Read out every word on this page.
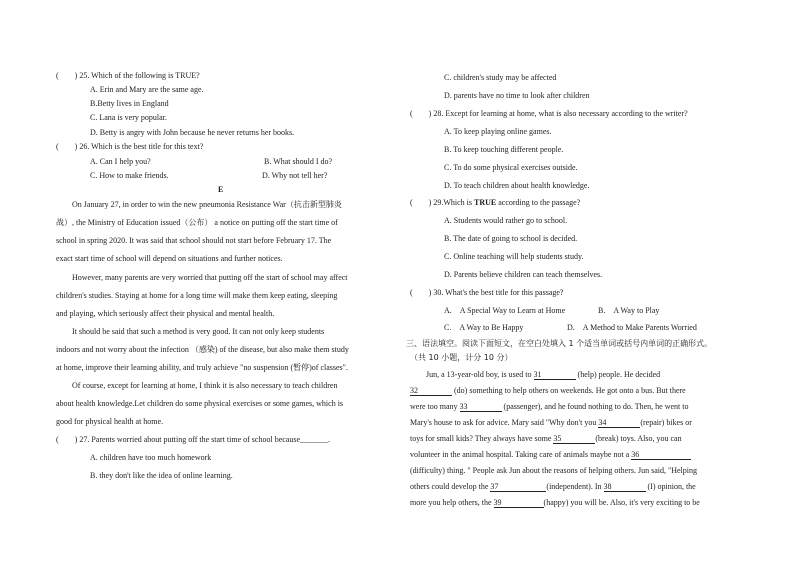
(　　) 25. Which of the following is TRUE?
A. Erin and Mary are the same age.
B.Betty lives in England
C. Lana is very popular.
D. Betty is angry with John because he never returns her books.
(　　) 26. Which is the best title for this text?
A. Can I help you?	B. What should I do?
C. How to make friends.	D. Why not tell her?
E
On January 27, in order to win the new pneumonia Resistance War（抗击新型肺炎
战）, the Ministry of Education issued（公布） a notice on putting off the start time of
school in spring 2020. It was said that school should not start before February 17. The
exact start time of school will depend on situations and further notices.
However, many parents are very worried that putting off the start of school may affect
children's studies. Staying at home for a long time will make them keep eating, sleeping
and playing, which seriously affect their physical and mental health.
It should be said that such a method is very good. It can not only keep students
indoors and not worry about the infection （感染) of the disease, but also make them study
at home, improve their learning ability, and truly achieve "no suspension (暂停)of classes".
Of course, except for learning at home, I think it is also necessary to teach children
about health knowledge.Let children do some physical exercises or some games, which is
good for physical health at home.
(　　) 27. Parents worried about putting off the start time of school because_______.
A. children have too much homework
B. they don't like the idea of online learning.
C. children's study may be affected
D. parents have no time to look after children
(　　) 28. Except for learning at home, what is also necessary according to the writer?
A. To keep playing online games.
B. To keep touching different people.
C. To do some physical exercises outside.
D. To teach children about health knowledge.
(　　) 29.Which is TRUE according to the passage?
A. Students would rather go to school.
B. The date of going to school is decided.
C. Online teaching will help students study.
D. Parents believe children can teach themselves.
(　　) 30. What's the best title for this passage?
A.　A Special Way to Learn at Home	B.　A Way to Play
C.　A Way to Be Happy	D.　A Method to Make Parents Worried
三、语法填空。阅读下面短文，在空白处填入 1 个适当单词或括号内单词的正确形式。
（共 10 小题，计分 10 分）
Jun, a 13-year-old boy, is used to 31	(help) people. He decided
32	(do) something to help others on weekends. He got onto a bus. But there
were too many 33	(passenger), and he found nothing to do. Then, he went to
Mary's house to ask for advice. Mary said "Why don't you 34	(repair) bikes or
toys for small kids? They always have some 35	(break) toys. Also, you can
volunteer in the animal hospital. Taking care of animals maybe not a 36
(difficulty) thing. " People ask Jun about the reasons of helping others. Jun said, "Helping
others could develop the 37	(independent). In 38	(I) opinion, the
more you help others, the 39	(happy) you will be. Also, it's very exciting to be
